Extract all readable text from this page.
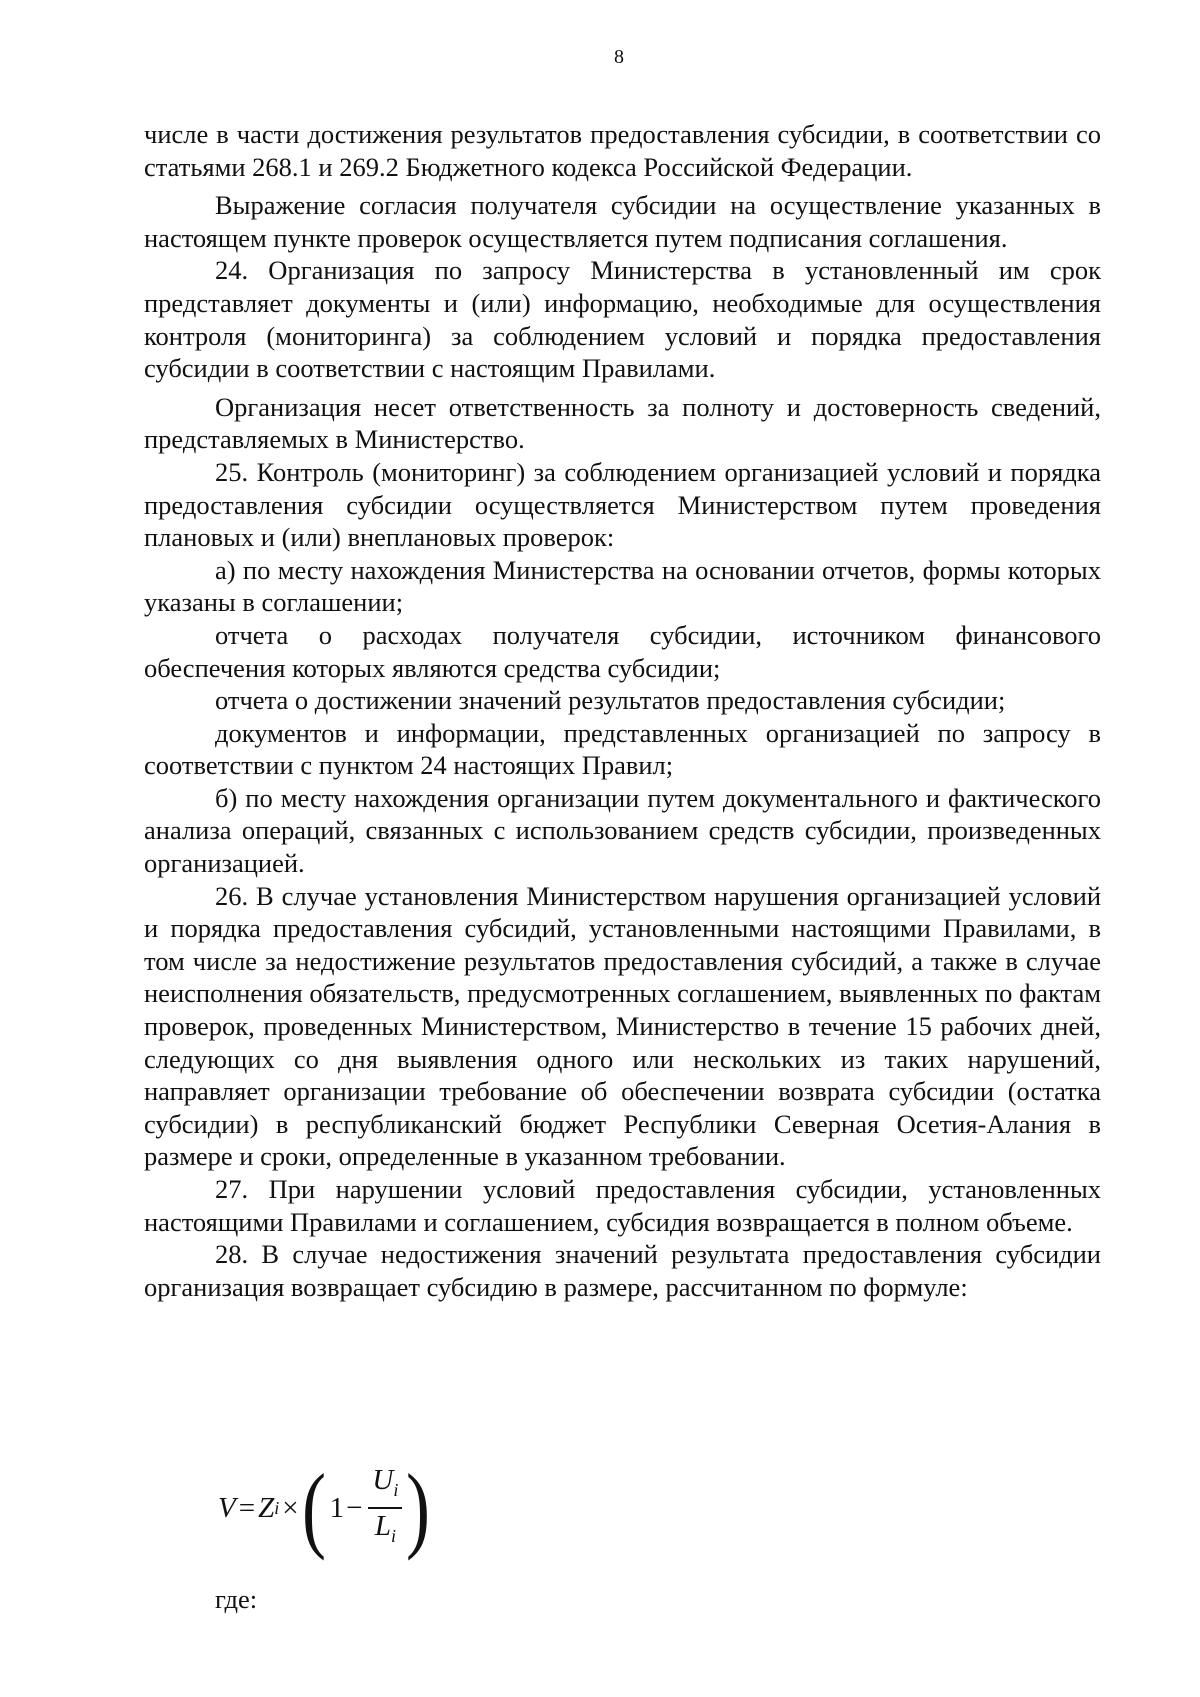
8

числе в части достижения результатов предоставления субсидии, в соответствии со статьями 268.1 и 269.2 Бюджетного кодекса Российской Федерации.

Выражение согласия получателя субсидии на осуществление указанных в настоящем пункте проверок осуществляется путем подписания соглашения.

24. Организация по запросу Министерства в установленный им срок представляет документы и (или) информацию, необходимые для осуществления контроля (мониторинга) за соблюдением условий и порядка предоставления субсидии в соответствии с настоящим Правилами.

Организация несет ответственность за полноту и достоверность сведений, представляемых в Министерство.

25. Контроль (мониторинг) за соблюдением организацией условий и порядка предоставления субсидии осуществляется Министерством путем проведения плановых и (или) внеплановых проверок:

а) по месту нахождения Министерства на основании отчетов, формы которых указаны в соглашении;

отчета о расходах получателя субсидии, источником финансового обеспечения которых являются средства субсидии;

отчета о достижении значений результатов предоставления субсидии;

документов и информации, представленных организацией по запросу в соответствии с пунктом 24 настоящих Правил;

б) по месту нахождения организации путем документального и фактического анализа операций, связанных с использованием средств субсидии, произведенных организацией.

26. В случае установления Министерством нарушения организацией условий и порядка предоставления субсидий, установленными настоящими Правилами, в том числе за недостижение результатов предоставления субсидий, а также в случае неисполнения обязательств, предусмотренных соглашением, выявленных по фактам проверок, проведенных Министерством, Министерство в течение 15 рабочих дней, следующих со дня выявления одного или нескольких из таких нарушений, направляет организации требование об обеспечении возврата субсидии (остатка субсидии) в республиканский бюджет Республики Северная Осетия-Алания в размере и сроки, определенные в указанном требовании.

27. При нарушении условий предоставления субсидии, установленных настоящими Правилами и соглашением, субсидия возвращается в полном объеме.

28. В случае недостижения значений результата предоставления субсидии организация возвращает субсидию в размере, рассчитанном по формуле:

V = Z i × ( $1 - \frac{U_i}{L_i}$ )
где:
